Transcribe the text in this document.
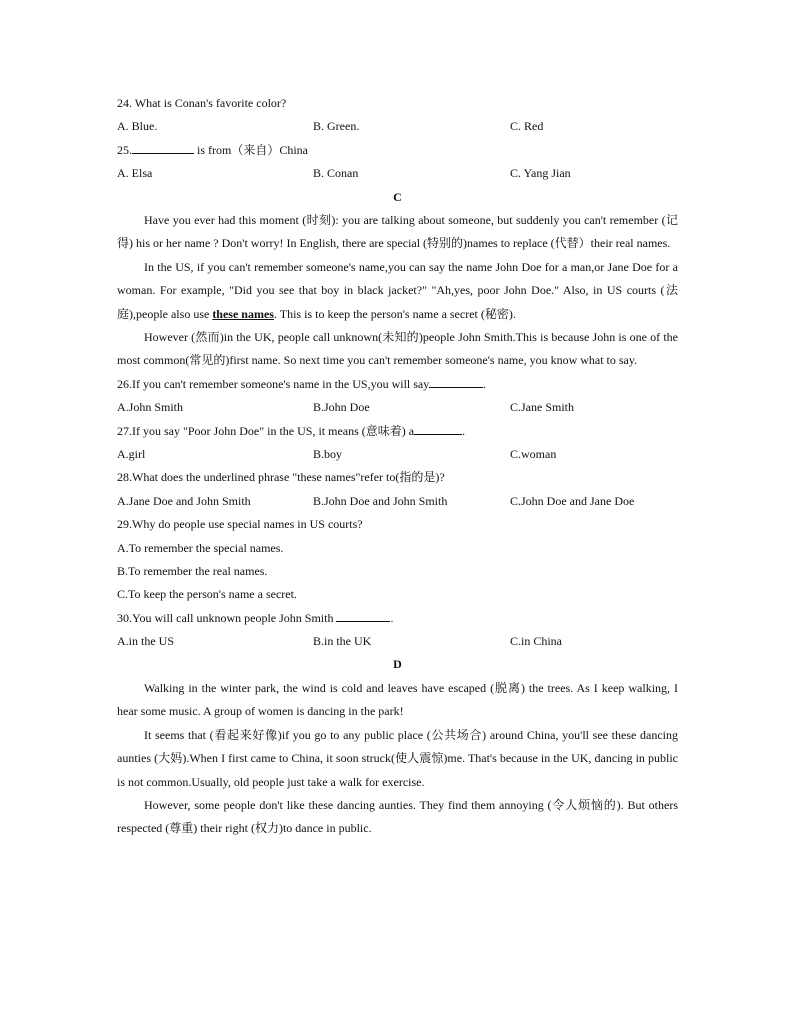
24. What is Conan's favorite color?
A. Blue.	B. Green.	C. Red
25.	is from（来自）China
A. Elsa	B. Conan	C. Yang Jian
C

Have you ever had this moment (时刻): you are talking about someone, but suddenly you can't remember (记得) his or her name ? Don't worry! In English, there are special (特别的)names to replace (代替）their real names.

In the US, if you can't remember someone's name,you can say the name John Doe for a man,or Jane Doe for a woman. For example, "Did you see that boy in black jacket?" "Ah,yes, poor John Doe." Also, in US courts (法庭),people also use these names. This is to keep the person's name a secret (秘密).

However (然而)in the UK, people call unknown(未知的)people John Smith.This is because John is one of the most common(常见的)first name. So next time you can't remember someone's name, you know what to say.

26.If you can't remember someone's name in the US,you will say	.
A.John Smith	B.John Doe	C.Jane Smith
27.If you say "Poor John Doe" in the US, it means (意味着) a	.
A.girl	B.boy	C.woman
28.What does the underlined phrase "these names"refer to(指的是)?
A.Jane Doe and John Smith	B.John Doe and John Smith	C.John Doe and Jane Doe
29.Why do people use special names in US courts?
A.To remember the special names.
B.To remember the real names.
C.To keep the person's name a secret.
30.You will call unknown people John Smith	.
A.in the US	B.in the UK	C.in China
D

Walking in the winter park, the wind is cold and leaves have escaped (脱离) the trees. As I keep walking, I hear some music. A group of women is dancing in the park!

It seems that (看起来好像)if you go to any public place (公共场合) around China, you'll see these dancing aunties (大妈).When I first came to China, it soon struck(使人震惊)me. That's because in the UK, dancing in public is not common.Usually, old people just take a walk for exercise.

However, some people don't like these dancing aunties. They find them annoying (令人烦恼的). But others respected (尊重) their right (权力)to dance in public.
